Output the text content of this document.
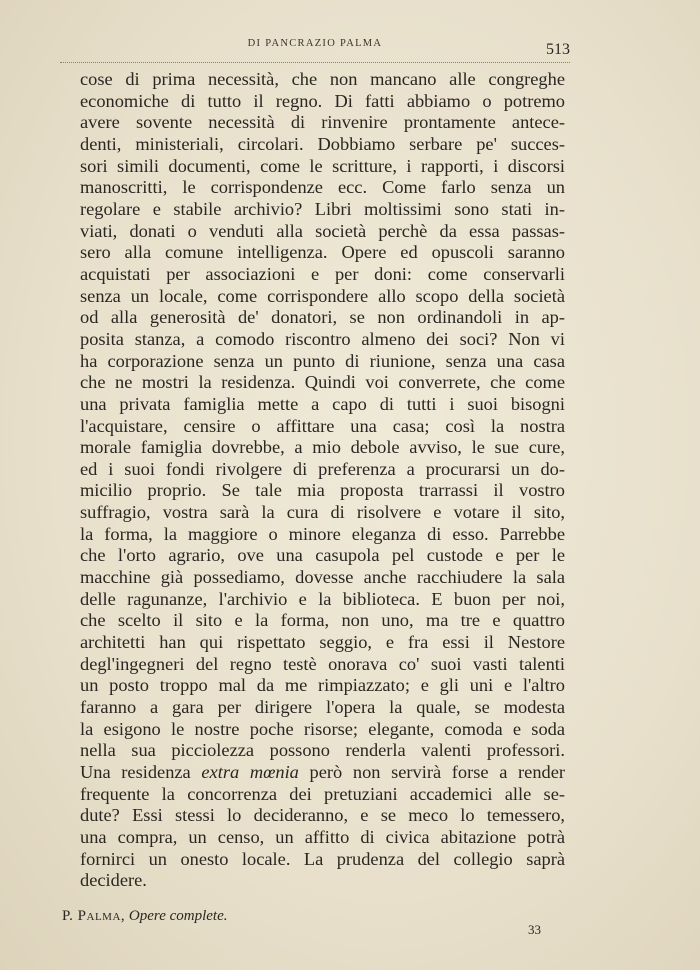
DI PANCRAZIO PALMA	513
cose di prima necessità, che non mancano alle congreghe
economiche di tutto il regno. Di fatti abbiamo o potremo
avere sovente necessità di rinvenire prontamente antece-
denti, ministeriali, circolari. Dobbiamo serbare pe' succes-
sori simili documenti, come le scritture, i rapporti, i discorsi
manoscritti, le corrispondenze ecc. Come farlo senza un
regolare e stabile archivio? Libri moltissimi sono stati in-
viati, donati o venduti alla società perchè da essa passas-
sero alla comune intelligenza. Opere ed opuscoli saranno
acquistati per associazioni e per doni: come conservarli
senza un locale, come corrispondere allo scopo della società
od alla generosità de' donatori, se non ordinandoli in ap-
posita stanza, a comodo riscontro almeno dei soci? Non vi
ha corporazione senza un punto di riunione, senza una casa
che ne mostri la residenza. Quindi voi converrete, che come
una privata famiglia mette a capo di tutti i suoi bisogni
l'acquistare, censire o affittare una casa; così la nostra
morale famiglia dovrebbe, a mio debole avviso, le sue cure,
ed i suoi fondi rivolgere di preferenza a procurarsi un do-
micilio proprio. Se tale mia proposta trarrassi il vostro
suffragio, vostra sarà la cura di risolvere e votare il sito,
la forma, la maggiore o minore eleganza di esso. Parrebbe
che l'orto agrario, ove una casupola pel custode e per le
macchine già possediamo, dovesse anche racchiudere la sala
delle ragunanze, l'archivio e la biblioteca. E buon per noi,
che scelto il sito e la forma, non uno, ma tre e quattro
architetti han qui rispettato seggio, e fra essi il Nestore
degl'ingegneri del regno testè onorava co' suoi vasti talenti
un posto troppo mal da me rimpiazzato; e gli uni e l'altro
faranno a gara per dirigere l'opera la quale, se modesta
la esigono le nostre poche risorse; elegante, comoda e soda
nella sua picciolezza possono renderla valenti professori.
Una residenza extra mœnia però non servirà forse a render
frequente la concorrenza dei pretuziani accademici alle se-
dute? Essi stessi lo decideranno, e se meco lo temessero,
una compra, un censo, un affitto di civica abitazione potrà
fornirci un onesto locale. La prudenza del collegio saprà
decidere.
P. Palma, Opere complete.
33
